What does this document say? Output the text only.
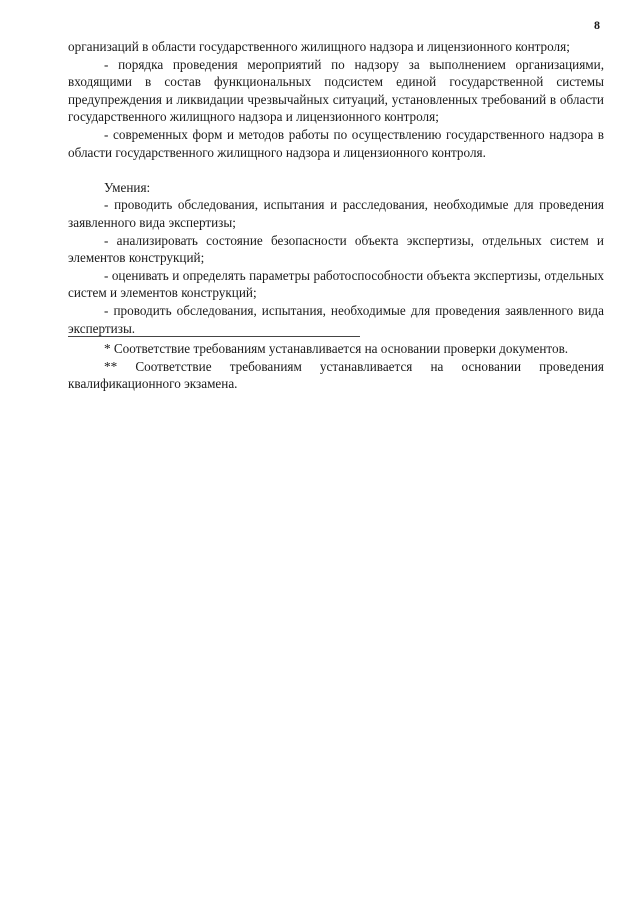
8

организаций в области государственного жилищного надзора и лицензионного контроля;

- порядка проведения мероприятий по надзору за выполнением организациями, входящими в состав функциональных подсистем единой государственной системы предупреждения и ликвидации чрезвычайных ситуаций, установленных требований в области государственного жилищного надзора и лицензионного контроля;

- современных форм и методов работы по осуществлению государственного надзора в области государственного жилищного надзора и лицензионного контроля.

Умения:

- проводить обследования, испытания и расследования, необходимые для проведения заявленного вида экспертизы;

- анализировать состояние безопасности объекта экспертизы, отдельных систем и элементов конструкций;

- оценивать и определять параметры работоспособности объекта экспертизы, отдельных систем и элементов конструкций;

- проводить обследования, испытания, необходимые для проведения заявленного вида экспертизы.

* Соответствие требованиям устанавливается на основании проверки документов.

** Соответствие требованиям устанавливается на основании проведения квалификационного экзамена.
